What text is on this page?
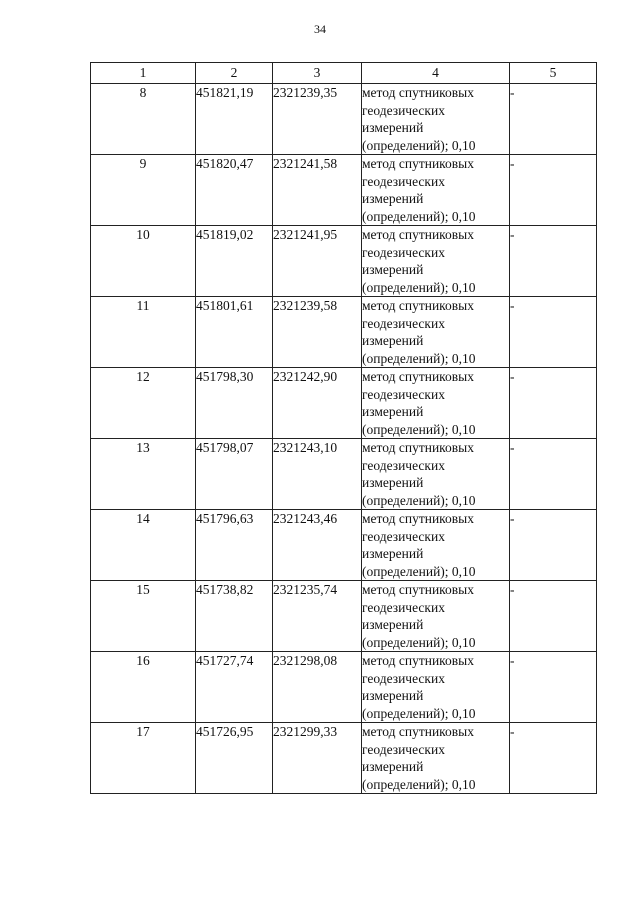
34
1	2	3	4	5
8	451821,19	2321239,35	метод спутниковых геодезических измерений (определений); 0,10	-
9	451820,47	2321241,58	метод спутниковых геодезических измерений (определений); 0,10	-
10	451819,02	2321241,95	метод спутниковых геодезических измерений (определений); 0,10	-
11	451801,61	2321239,58	метод спутниковых геодезических измерений (определений); 0,10	-
12	451798,30	2321242,90	метод спутниковых геодезических измерений (определений); 0,10	-
13	451798,07	2321243,10	метод спутниковых геодезических измерений (определений); 0,10	-
14	451796,63	2321243,46	метод спутниковых геодезических измерений (определений); 0,10	-
15	451738,82	2321235,74	метод спутниковых геодезических измерений (определений); 0,10	-
16	451727,74	2321298,08	метод спутниковых геодезических измерений (определений); 0,10	-
17	451726,95	2321299,33	метод спутниковых геодезических измерений (определений); 0,10	-
